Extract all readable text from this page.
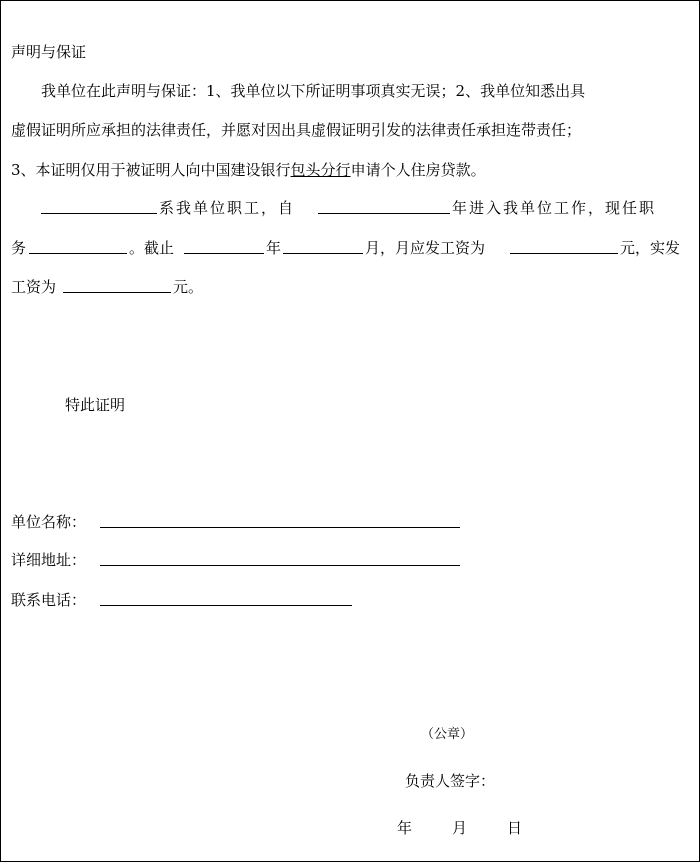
声明与保证
我单位在此声明与保证：1、我单位以下所证明事项真实无误；2、我单位知悉出具
虚假证明所应承担的法律责任，并愿对因出具虚假证明引发的法律责任承担连带责任；
3、本证明仅用于被证明人向中国建设银行包头分行申请个人住房贷款。
系我单位职工，自	年进入我单位工作，现任职
务	。截止	年	月，月应发工资为	元，实发
工资为	元。
特此证明
单位名称：
详细地址：
联系电话：
（公章）
负责人签字：
年	月	日
